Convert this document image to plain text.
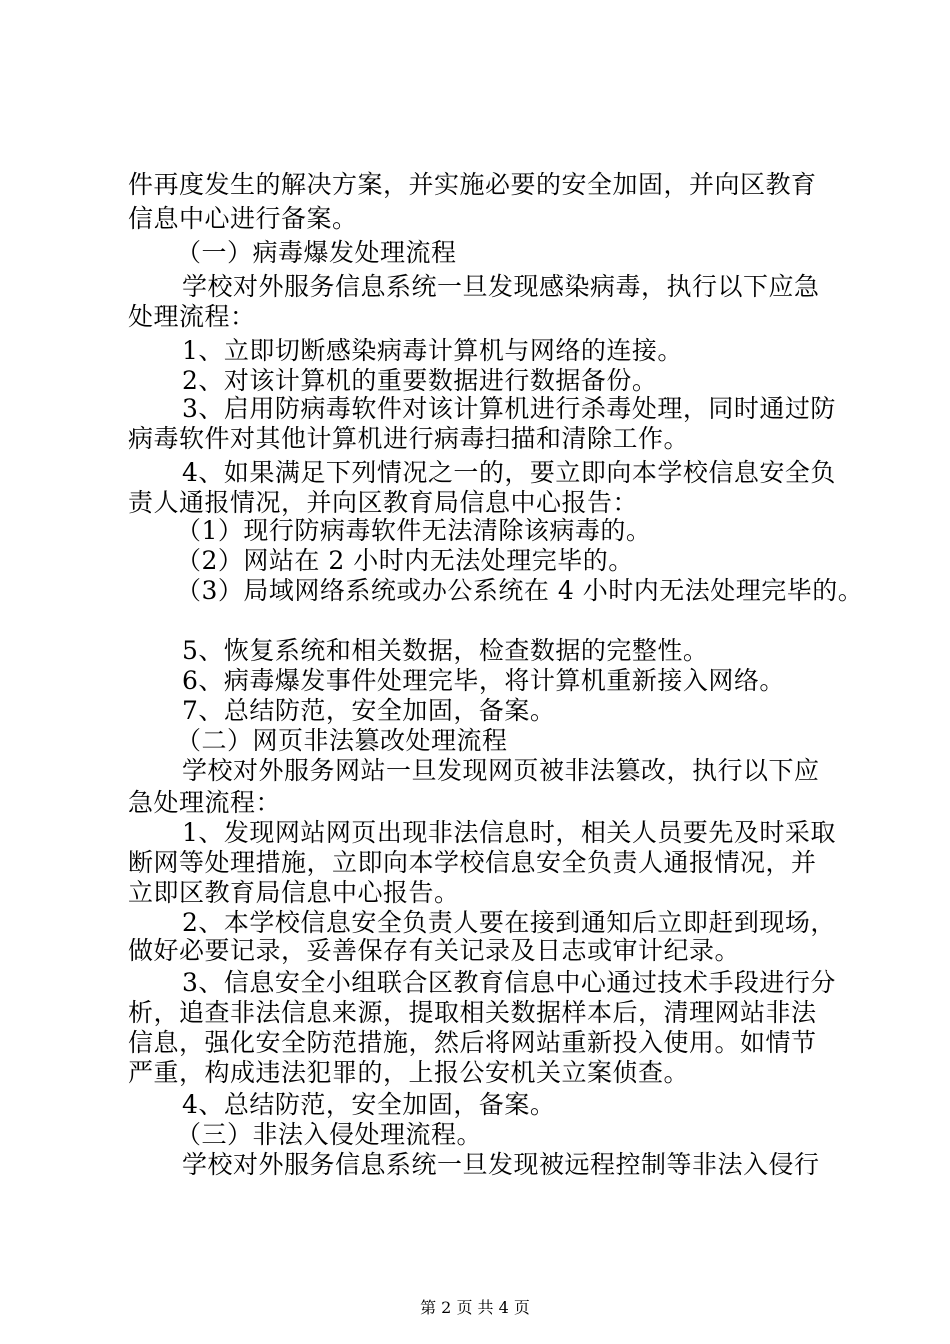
件再度发生的解决方案，并实施必要的安全加固，并向区教育
信息中心进行备案。
（一）病毒爆发处理流程
学校对外服务信息系统一旦发现感染病毒，执行以下应急
处理流程：
1、立即切断感染病毒计算机与网络的连接。
2、对该计算机的重要数据进行数据备份。
3、启用防病毒软件对该计算机进行杀毒处理，同时通过防
病毒软件对其他计算机进行病毒扫描和清除工作。
4、如果满足下列情况之一的，要立即向本学校信息安全负
责人通报情况，并向区教育局信息中心报告：
（1）现行防病毒软件无法清除该病毒的。
（2）网站在 2 小时内无法处理完毕的。
（3）局域网络系统或办公系统在 4 小时内无法处理完毕的。
5、恢复系统和相关数据，检查数据的完整性。
6、病毒爆发事件处理完毕，将计算机重新接入网络。
7、总结防范，安全加固，备案。
（二）网页非法篡改处理流程
学校对外服务网站一旦发现网页被非法篡改，执行以下应
急处理流程：
1、发现网站网页出现非法信息时，相关人员要先及时采取
断网等处理措施，立即向本学校信息安全负责人通报情况，并
立即区教育局信息中心报告。
2、本学校信息安全负责人要在接到通知后立即赶到现场，
做好必要记录，妥善保存有关记录及日志或审计纪录。
3、信息安全小组联合区教育信息中心通过技术手段进行分
析，追查非法信息来源，提取相关数据样本后，清理网站非法
信息，强化安全防范措施，然后将网站重新投入使用。如情节
严重，构成违法犯罪的，上报公安机关立案侦查。
4、总结防范，安全加固，备案。
（三）非法入侵处理流程。
学校对外服务信息系统一旦发现被远程控制等非法入侵行
第 2 页 共 4 页
